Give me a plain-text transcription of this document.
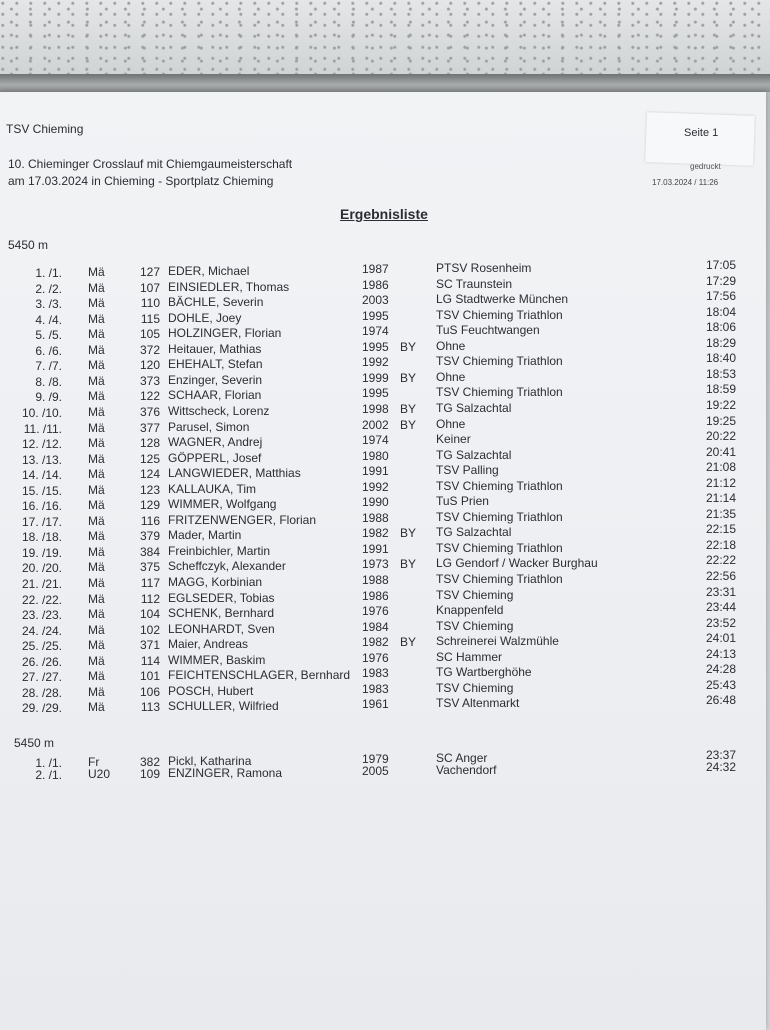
TSV Chieming
10. Chieminger Crosslauf mit Chiemgaumeisterschaft
am 17.03.2024 in Chieming - Sportplatz Chieming
Seite 1
gedruckt
17.03.2024 / 11:26
Ergebnisliste
5450 m
5450 m
1. /1. Mä	127 EDER, Michael	1987	PTSV Rosenheim	17:05
2. /2. Mä	107 EINSIEDLER, Thomas	1986	SC Traunstein	17:29
3. /3. Mä	110 BÄCHLE, Severin	2003	LG Stadtwerke München	17:56
4. /4. Mä	115 DOHLE, Joey	1995	TSV Chieming Triathlon	18:04
5. /5. Mä	105 HOLZINGER, Florian	1974	TuS Feuchtwangen	18:06
6. /6. Mä	372 Heitauer, Mathias	1995 BY Ohne	18:29
7. /7. Mä	120 EHEHALT, Stefan	1992	TSV Chieming Triathlon	18:40
8. /8. Mä	373 Enzinger, Severin	1999 BY Ohne	18:53
9. /9. Mä	122 SCHAAR, Florian	1995	TSV Chieming Triathlon	18:59
10. /10. Mä	376 Wittscheck, Lorenz	1998 BY TG Salzachtal	19:22
11. /11. Mä	377 Parusel, Simon	2002 BY Ohne	19:25
12. /12. Mä	128 WAGNER, Andrej	1974	Keiner	20:22
13. /13. Mä	125 GÖPPERL, Josef	1980	TG Salzachtal	20:41
14. /14. Mä	124 LANGWIEDER, Matthias	1991	TSV Palling	21:08
15. /15. Mä	123 KALLAUKA, Tim	1992	TSV Chieming Triathlon	21:12
16. /16. Mä	129 WIMMER, Wolfgang	1990	TuS Prien	21:14
17. /17. Mä	116 FRITZENWENGER, Florian	1988	TSV Chieming Triathlon	21:35
18. /18. Mä	379 Mader, Martin	1982 BY TG Salzachtal	22:15
19. /19. Mä	384 Freinbichler, Martin	1991	TSV Chieming Triathlon	22:18
20. /20. Mä	375 Scheffczyk, Alexander	1973 BY LG Gendorf / Wacker Burghau	22:22
21. /21. Mä	117 MAGG, Korbinian	1988	TSV Chieming Triathlon	22:56
22. /22. Mä	112 EGLSEDER, Tobias	1986	TSV Chieming	23:31
23. /23. Mä	104 SCHENK, Bernhard	1976	Knappenfeld	23:44
24. /24. Mä	102 LEONHARDT, Sven	1984	TSV Chieming	23:52
25. /25. Mä	371 Maier, Andreas	1982 BY Schreinerei Walzmühle	24:01
26. /26. Mä	114 WIMMER, Baskim	1976	SC Hammer	24:13
27. /27. Mä	101 FEICHTENSCHLAGER, Bernhard 1983	TG Wartberghöhe	24:28
28. /28. Mä	106 POSCH, Hubert	1983	TSV Chieming	25:43
29. /29. Mä	113 SCHULLER, Wilfried	1961	TSV Altenmarkt	26:48
1. /1. Fr	382 Pickl, Katharina	1979	SC Anger	23:37
2. /1. U20	109 ENZINGER, Ramona	2005	Vachendorf	24:32
